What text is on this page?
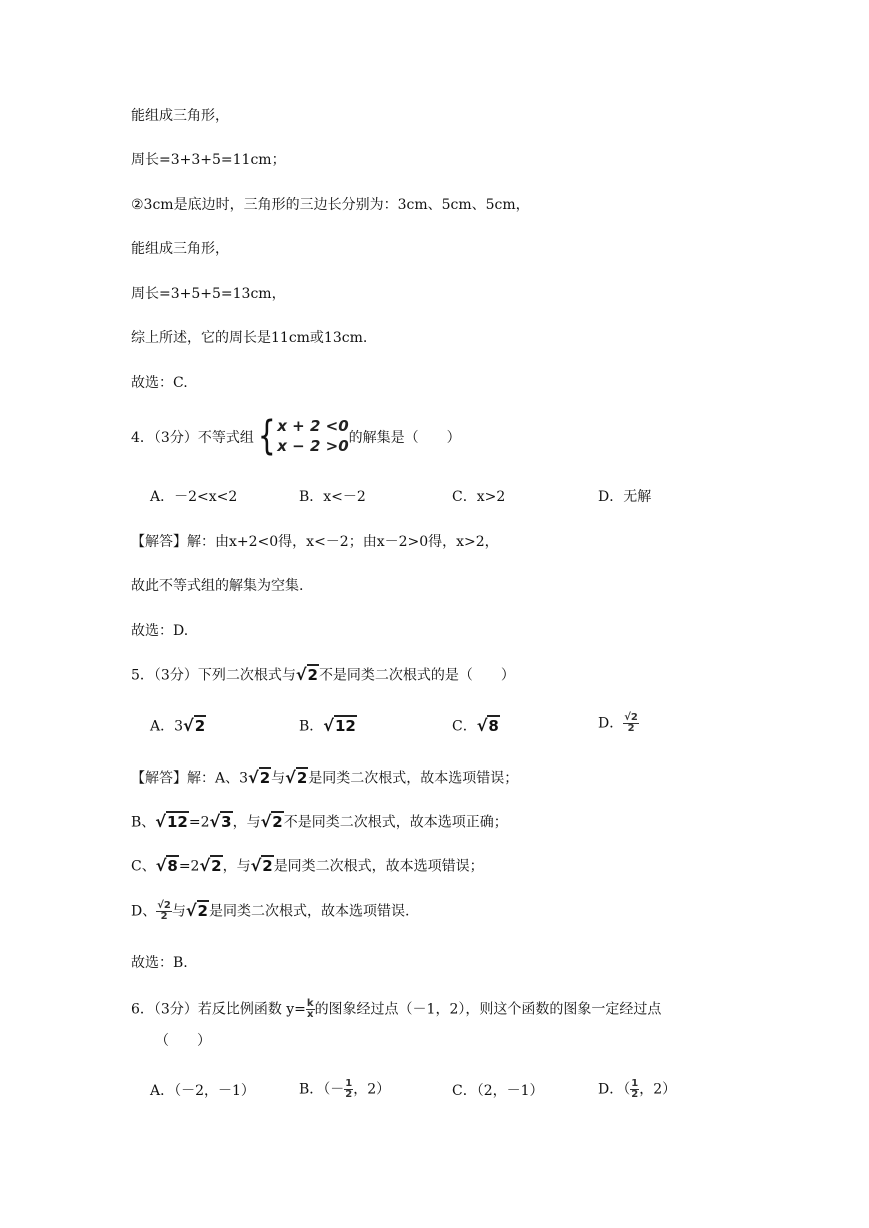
能组成三角形，
周长=3+3+5=11cm；
②3cm是底边时，三角形的三边长分别为：3cm、5cm、5cm，
能组成三角形，
周长=3+5+5=13cm，
综上所述，它的周长是11cm或13cm.
故选：C.
4．（3分）不等式组 { x + 2 <0
x − 2 >0 的解集是（　　）
A．－2<x<2	B．x<－2	C．x>2	D．无解
【解答】解：由x+2<0得，x<－2；由x－2>0得，x>2，
故此不等式组的解集为空集.
故选：D.
5．（3分）下列二次根式与√2不是同类二次根式的是（　　）
A．3√2	B．√12	C．√8	D． $\frac{√2}{2}$
【解答】解：A、3√2与√2是同类二次根式，故本选项错误；
B、√12=2√3，与√2不是同类二次根式，故本选项正确；
C、√8=2√2，与√2是同类二次根式，故本选项错误；
D、 $\frac{√2}{2}$ 与√2是同类二次根式，故本选项错误.
故选：B.
6．（3分）若反比例函数 $y= \frac{k}{x}$ 的图象经过点（－1，2），则这个函数的图象一定经过点
（　　）
A．（－2，－1）	B．（－ $\frac{1}{2}$ ，2）	C．（2，－1）	D．（ $\frac{1}{2}$ ，2）
